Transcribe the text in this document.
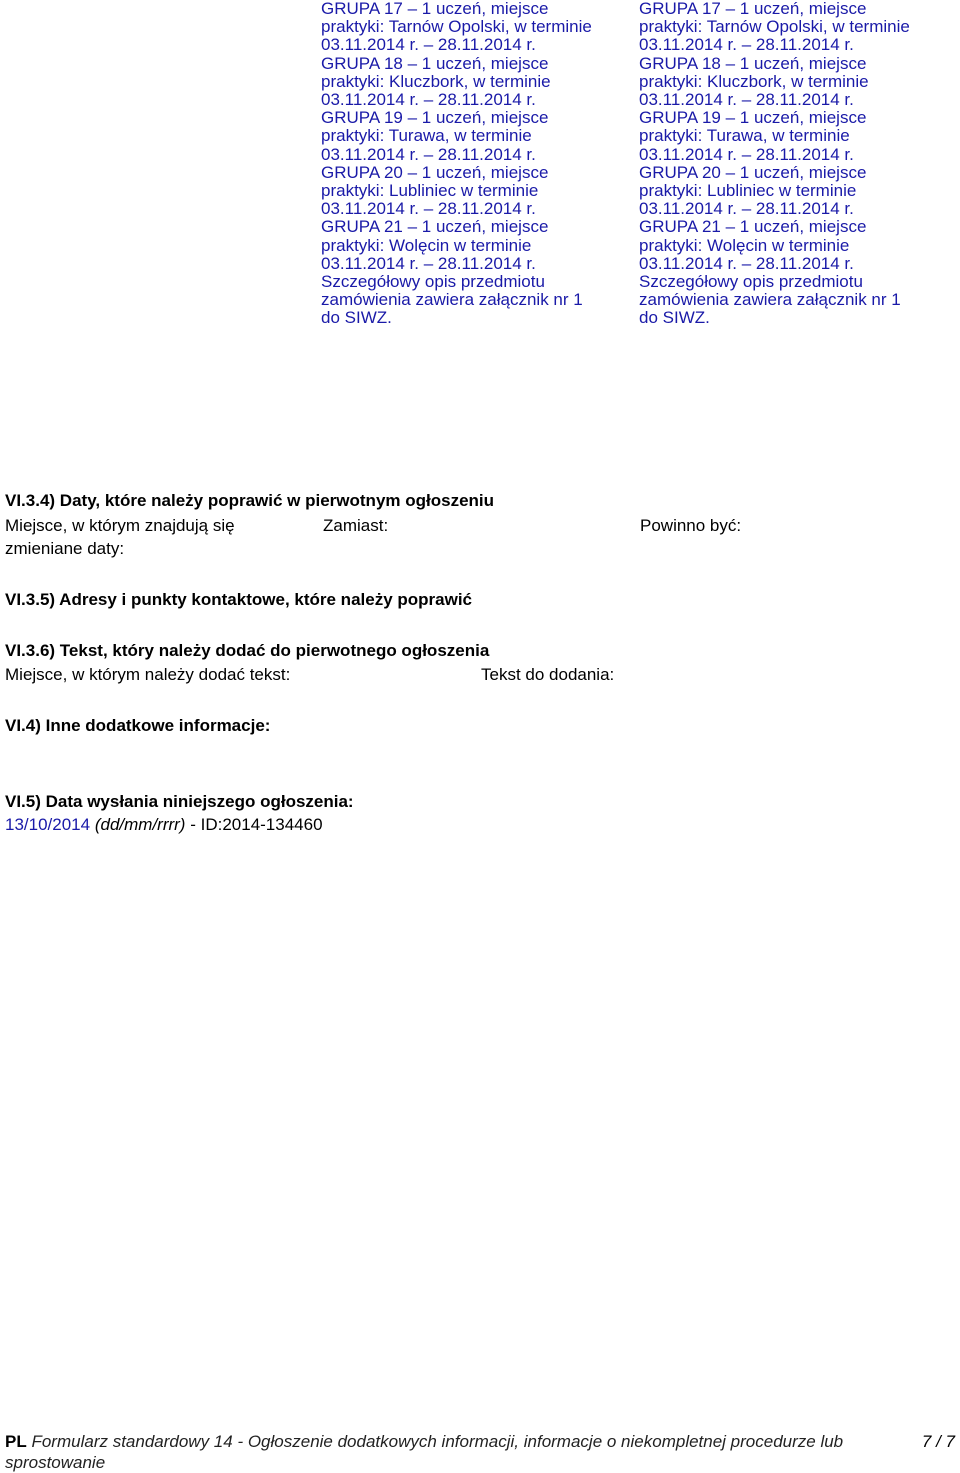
GRUPA 17 – 1 uczeń, miejsce
praktyki: Tarnów Opolski, w terminie
03.11.2014 r. – 28.11.2014 r.
GRUPA 18 – 1 uczeń, miejsce
praktyki: Kluczbork, w terminie
03.11.2014 r. – 28.11.2014 r.
GRUPA 19 – 1 uczeń, miejsce
praktyki: Turawa, w terminie
03.11.2014 r. – 28.11.2014 r.
GRUPA 20 – 1 uczeń, miejsce
praktyki: Lubliniec w terminie
03.11.2014 r. – 28.11.2014 r.
GRUPA 21 – 1 uczeń, miejsce
praktyki: Wolęcin w terminie
03.11.2014 r. – 28.11.2014 r.
Szczegółowy opis przedmiotu
zamówienia zawiera załącznik nr 1
do SIWZ.
GRUPA 17 – 1 uczeń, miejsce
praktyki: Tarnów Opolski, w terminie
03.11.2014 r. – 28.11.2014 r.
GRUPA 18 – 1 uczeń, miejsce
praktyki: Kluczbork, w terminie
03.11.2014 r. – 28.11.2014 r.
GRUPA 19 – 1 uczeń, miejsce
praktyki: Turawa, w terminie
03.11.2014 r. – 28.11.2014 r.
GRUPA 20 – 1 uczeń, miejsce
praktyki: Lubliniec w terminie
03.11.2014 r. – 28.11.2014 r.
GRUPA 21 – 1 uczeń, miejsce
praktyki: Wolęcin w terminie
03.11.2014 r. – 28.11.2014 r.
Szczegółowy opis przedmiotu
zamówienia zawiera załącznik nr 1
do SIWZ.
VI.3.4) Daty, które należy poprawić w pierwotnym ogłoszeniu
Miejsce, w którym znajdują się
zmieniane daty:
Zamiast:	Powinno być:
VI.3.5) Adresy i punkty kontaktowe, które należy poprawić
VI.3.6) Tekst, który należy dodać do pierwotnego ogłoszenia
Miejsce, w którym należy dodać tekst:	Tekst do dodania:
VI.4) Inne dodatkowe informacje:
VI.5) Data wysłania niniejszego ogłoszenia:
13/10/2014 (dd/mm/rrrr) - ID:2014-134460
PL Formularz standardowy 14 - Ogłoszenie dodatkowych informacji, informacje o niekompletnej procedurze lub
sprostowanie
7 / 7
